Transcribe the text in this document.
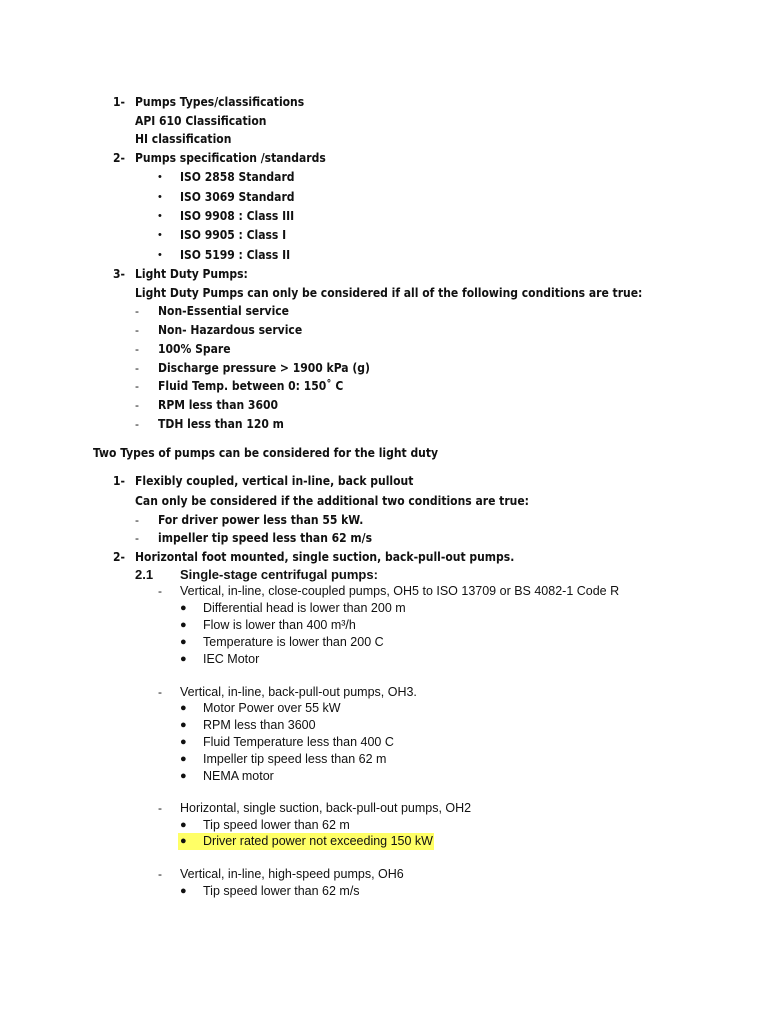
1- Pumps Types/classifications
API 610 Classification
HI classification
2- Pumps specification /standards
• ISO 2858 Standard
• ISO 3069 Standard
• ISO 9908 : Class III
• ISO 9905 : Class I
• ISO 5199 : Class II
3- Light Duty Pumps:
Light Duty Pumps can only be considered if all of the following conditions are true:
- Non-Essential service
- Non- Hazardous service
- 100% Spare
- Discharge pressure > 1900 kPa (g)
- Fluid Temp. between 0: 150˚ C
- RPM less than 3600
- TDH less than 120 m
Two Types of pumps can be considered for the light duty
1- Flexibly coupled, vertical in-line, back pullout
Can only be considered if the additional two conditions are true:
- For driver power less than 55 kW.
- impeller tip speed less than 62 m/s
2- Horizontal foot mounted, single suction, back-pull-out pumps.
2.1 Single-stage centrifugal pumps:
- Vertical, in-line, close-coupled pumps, OH5 to ISO 13709 or BS 4082-1 Code R
● Differential head is lower than 200 m
● Flow is lower than 400 m³/h
● Temperature is lower than 200 C
● IEC Motor
- Vertical, in-line, back-pull-out pumps, OH3.
● Motor Power over 55 kW
● RPM less than 3600
● Fluid Temperature less than 400 C
● Impeller tip speed less than 62 m
● NEMA motor
- Horizontal, single suction, back-pull-out pumps, OH2
● Tip speed lower than 62 m
● Driver rated power not exceeding 150 kW
- Vertical, in-line, high-speed pumps, OH6
● Tip speed lower than 62 m/s
